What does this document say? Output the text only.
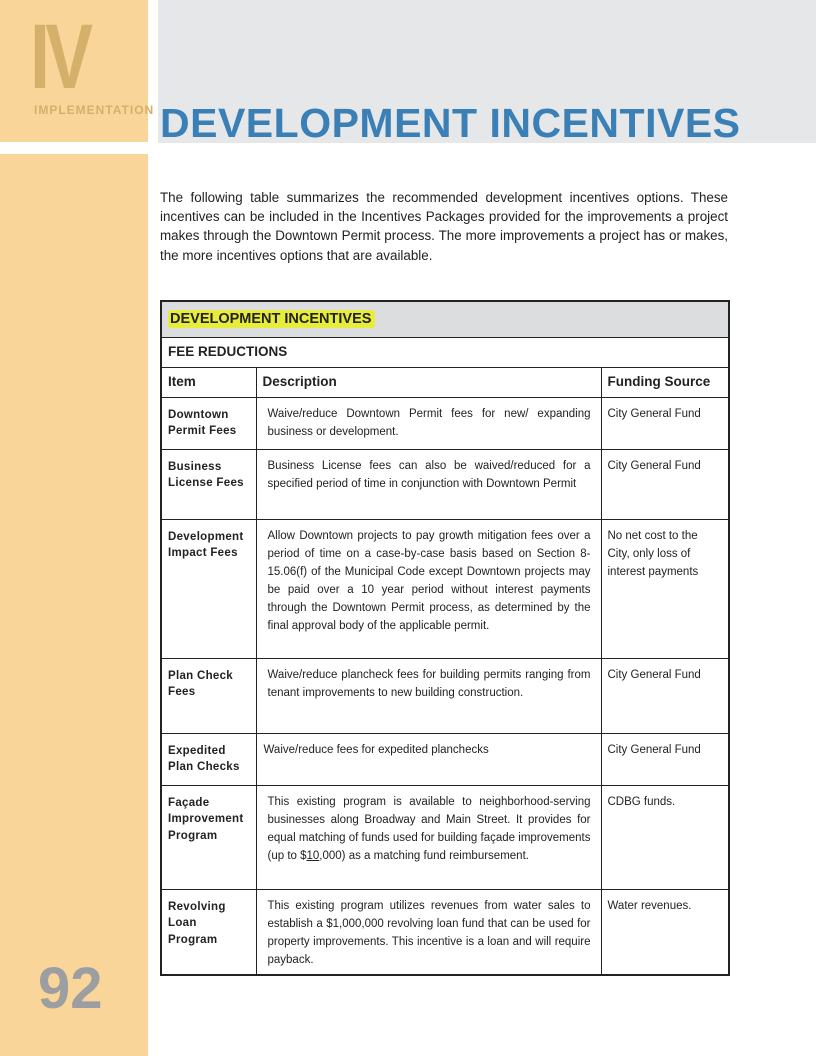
IV
IMPLEMENTATION DEVELOPMENT INCENTIVES

The following table summarizes the recommended development incentives options. These incentives can be included in the Incentives Packages provided for the improvements a project makes through the Downtown Permit process. The more improvements a project has or makes, the more incentives options that are available.

DEVELOPMENT INCENTIVES		
FEE REDUCTIONS		
Item	Description	Funding Source
Downtown Permit Fees	Waive/reduce Downtown Permit fees for new/ expanding business or development.	City General Fund
Business License Fees	Business License fees can also be waived/reduced for a specified period of time in conjunction with Downtown Permit	City General Fund
Development Impact Fees	Allow Downtown projects to pay growth mitigation fees over a period of time on a case-by-case basis based on Section 8-15.06(f) of the Municipal Code except Downtown projects may be paid over a 10 year period without interest payments through the Downtown Permit process, as determined by the final approval body of the applicable permit.	No net cost to the City, only loss of interest payments
Plan Check Fees	Waive/reduce plancheck fees for building permits ranging from tenant improvements to new building construction.	City General Fund
Expedited Plan Checks	Waive/reduce fees for expedited planchecks	City General Fund
Façade Improvement Program	This existing program is available to neighborhood-serving businesses along Broadway and Main Street. It provides for equal matching of funds used for building façade improvements (up to $10,000) as a matching fund reimbursement.	CDBG funds.
Revolving Loan Program	This existing program utilizes revenues from water sales to establish a $1,000,000 revolving loan fund that can be used for property improvements. This incentive is a loan and will require payback.	Water revenues.
92
